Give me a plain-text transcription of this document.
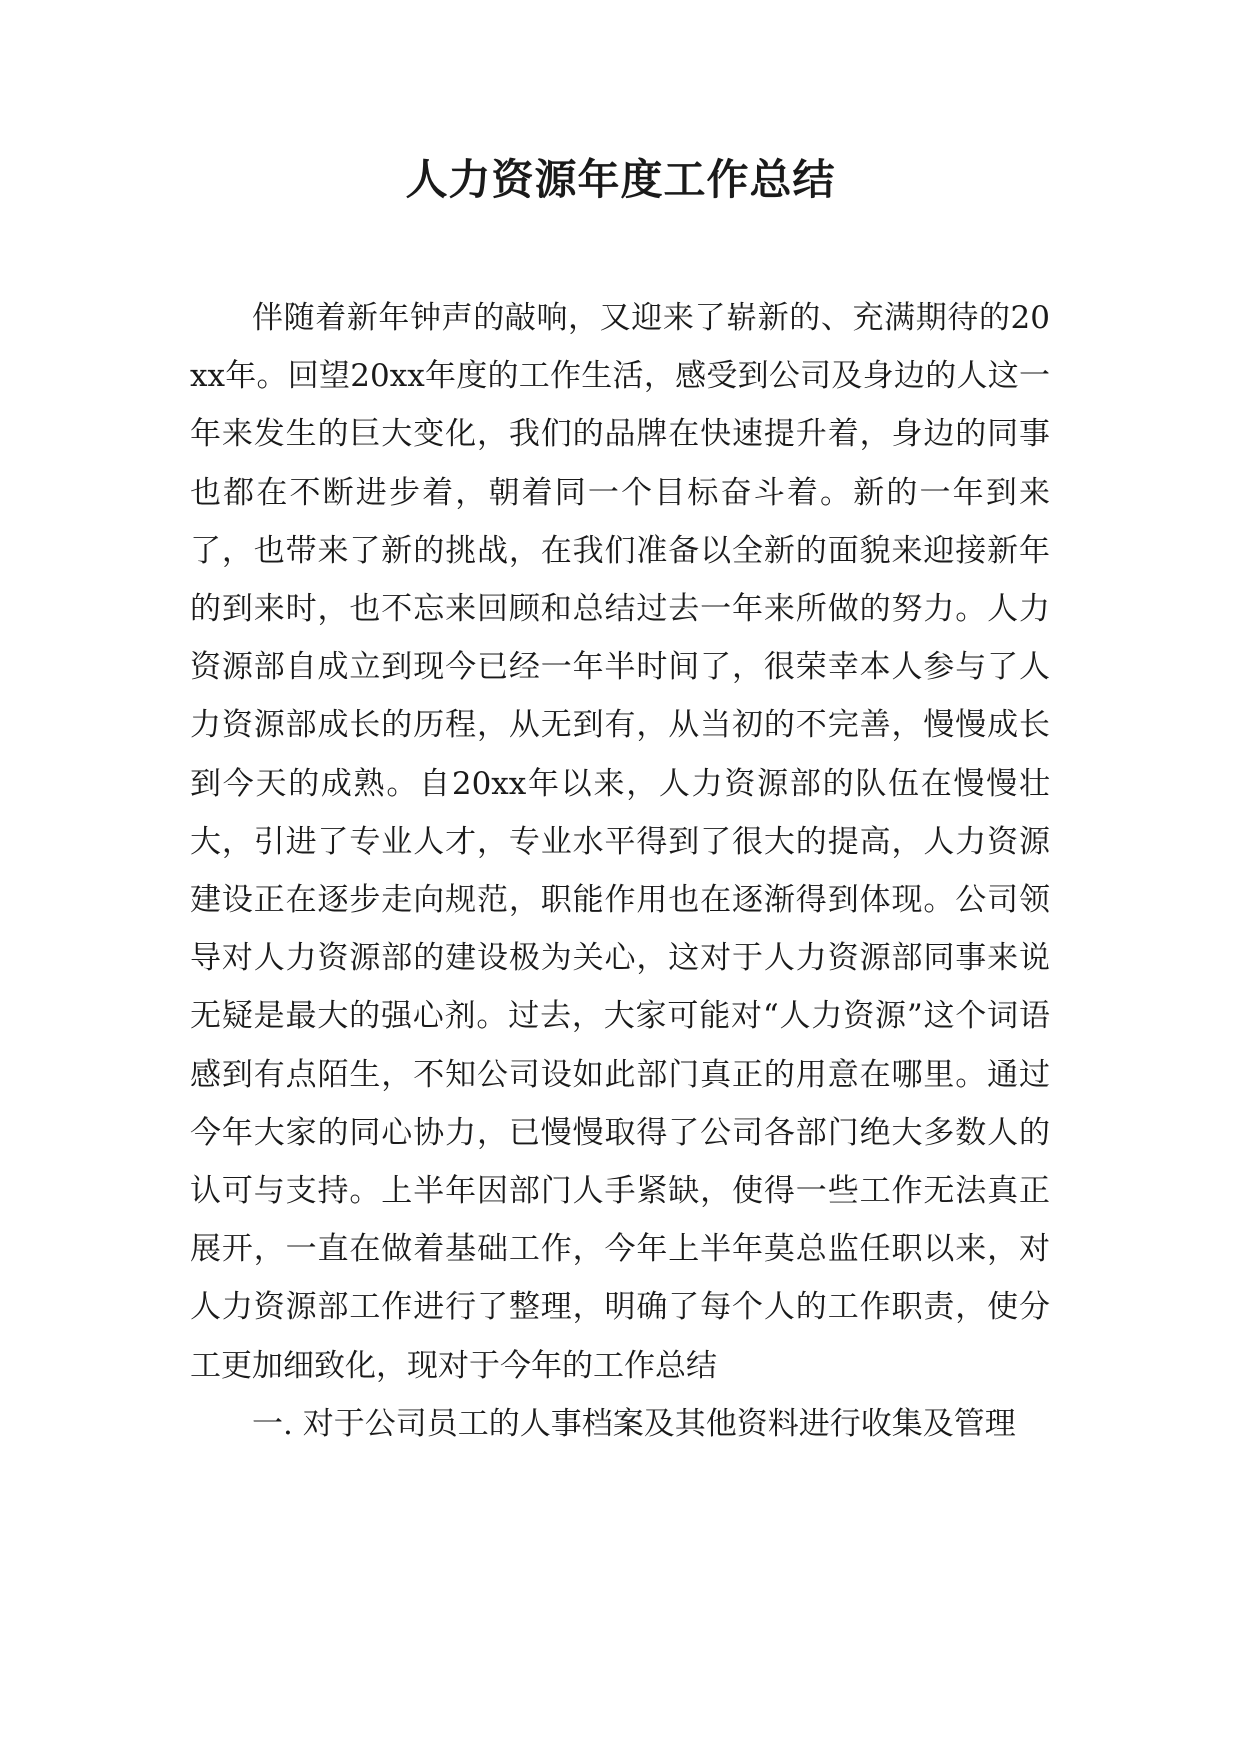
人力资源年度工作总结

伴随着新年钟声的敲响，又迎来了崭新的、充满期待的20xx年。回望20xx年度的工作生活，感受到公司及身边的人这一年来发生的巨大变化，我们的品牌在快速提升着，身边的同事也都在不断进步着，朝着同一个目标奋斗着。新的一年到来了，也带来了新的挑战，在我们准备以全新的面貌来迎接新年的到来时，也不忘来回顾和总结过去一年来所做的努力。人力资源部自成立到现今已经一年半时间了，很荣幸本人参与了人力资源部成长的历程，从无到有，从当初的不完善，慢慢成长到今天的成熟。自20xx年以来，人力资源部的队伍在慢慢壮大，引进了专业人才，专业水平得到了很大的提高，人力资源建设正在逐步走向规范，职能作用也在逐渐得到体现。公司领导对人力资源部的建设极为关心，这对于人力资源部同事来说无疑是最大的强心剂。过去，大家可能对“人力资源”这个词语感到有点陌生，不知公司设如此部门真正的用意在哪里。通过今年大家的同心协力，已慢慢取得了公司各部门绝大多数人的认可与支持。上半年因部门人手紧缺，使得一些工作无法真正展开，一直在做着基础工作，今年上半年莫总监任职以来，对人力资源部工作进行了整理，明确了每个人的工作职责，使分工更加细致化，现对于今年的工作总结

一. 对于公司员工的人事档案及其他资料进行收集及管理
